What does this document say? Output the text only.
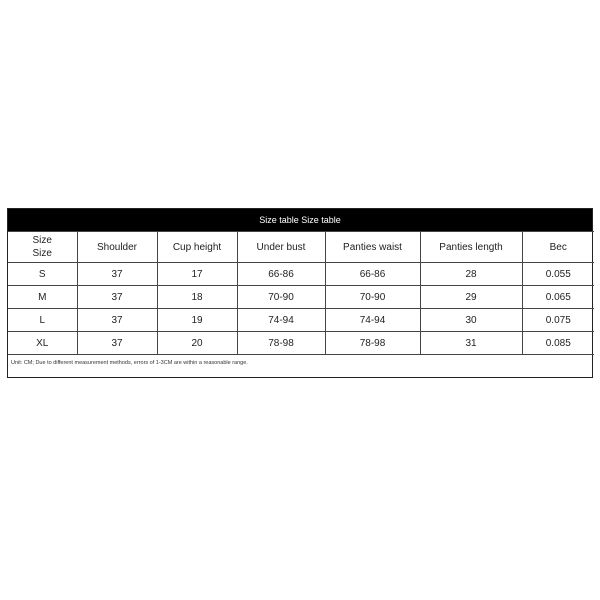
Size table Size table
Size
Size	Shoulder	Cup height	Under bust	Panties waist	Panties length	Bec
S	37	17	66-86	66-86	28	0.055
M	37	18	70-90	70-90	29	0.065
L	37	19	74-94	74-94	30	0.075
XL	37	20	78-98	78-98	31	0.085
Unit: CM; Due to different measurement methods, errors of 1-3CM are within a reasonable range.
